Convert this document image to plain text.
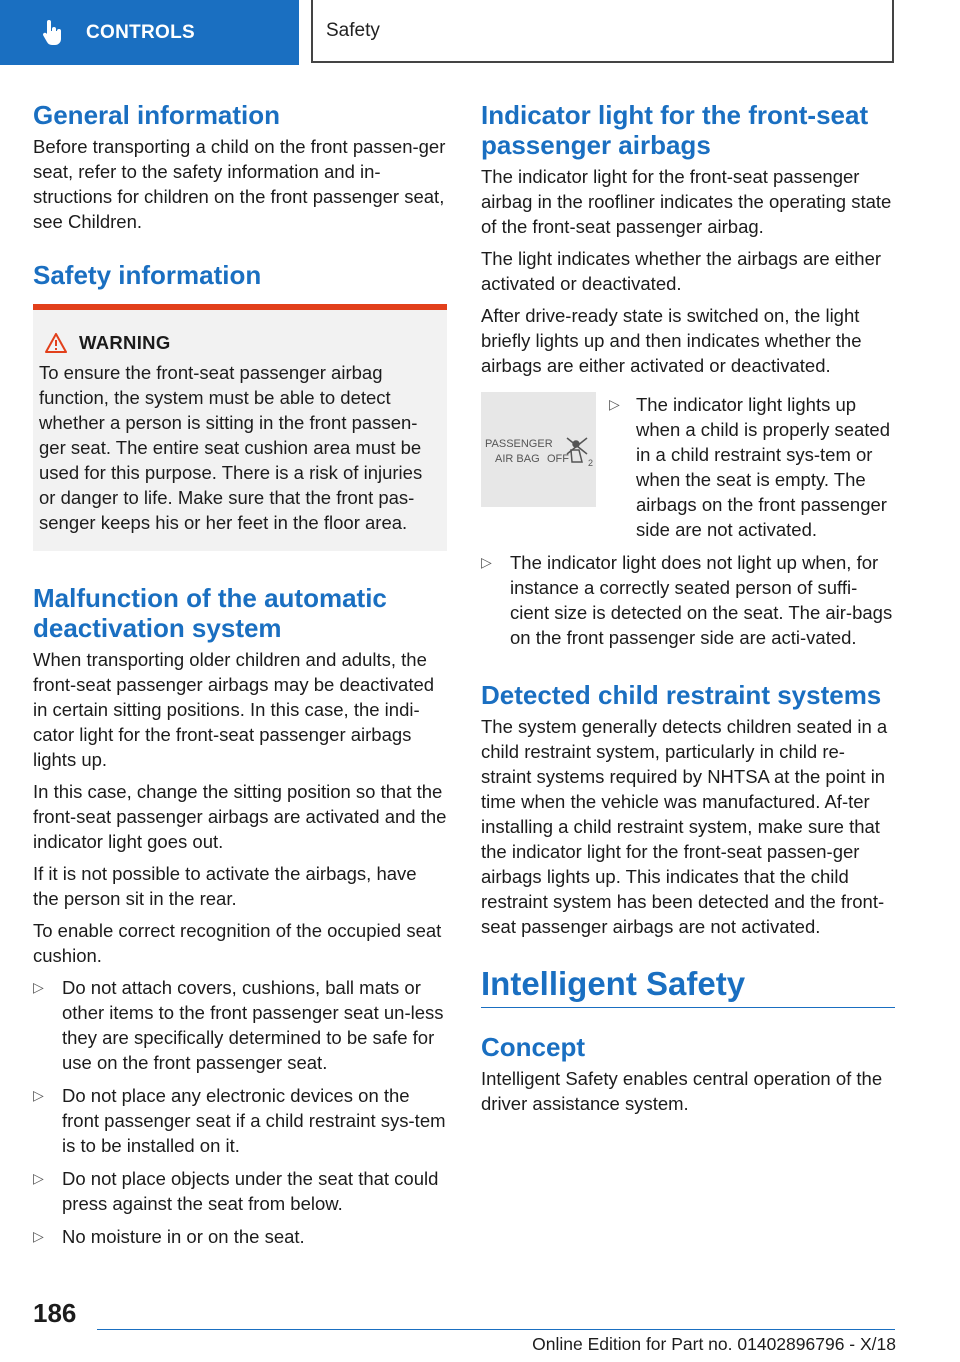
CONTROLS	Safety
General information

Before transporting a child on the front passen-ger seat, refer to the safety information and in-structions for children on the front passenger seat, see Children.

Safety information
WARNING

To ensure the front-seat passenger airbag function, the system must be able to detect whether a person is sitting in the front passen-ger seat. The entire seat cushion area must be used for this purpose. There is a risk of injuries or danger to life. Make sure that the front pas-senger keeps his or her feet in the floor area.

Malfunction of the automatic deactivation system

When transporting older children and adults, the front-seat passenger airbags may be deactivated in certain sitting positions. In this case, the indi-cator light for the front-seat passenger airbags lights up.

In this case, change the sitting position so that the front-seat passenger airbags are activated and the indicator light goes out.

If it is not possible to activate the airbags, have the person sit in the rear.

To enable correct recognition of the occupied seat cushion.

▷ Do not attach covers, cushions, ball mats or other items to the front passenger seat un-less they are specifically determined to be safe for use on the front passenger seat.
▷ Do not place any electronic devices on the front passenger seat if a child restraint sys-tem is to be installed on it.
▷ Do not place objects under the seat that could press against the seat from below.
▷ No moisture in or on the seat.
Indicator light for the front-seat passenger airbags

The indicator light for the front-seat passenger airbag in the roofliner indicates the operating state of the front-seat passenger airbag.

The light indicates whether the airbags are either activated or deactivated.

After drive-ready state is switched on, the light briefly lights up and then indicates whether the airbags are either activated or deactivated.

PASSENGER
AIR BAG OFF 2
▷ The indicator light lights up when a child is properly seated in a child restraint sys-tem or when the seat is empty. The airbags on the front passenger side are not activated.
▷ The indicator light does not light up when, for instance a correctly seated person of suffi-cient size is detected on the seat. The air-bags on the front passenger side are acti-vated.
Detected child restraint systems

The system generally detects children seated in a child restraint system, particularly in child re-straint systems required by NHTSA at the point in time when the vehicle was manufactured. Af-ter installing a child restraint system, make sure that the indicator light for the front-seat passen-ger airbags lights up. This indicates that the child restraint system has been detected and the front-seat passenger airbags are not activated.

Intelligent Safety
Concept

Intelligent Safety enables central operation of the driver assistance system.

186
Online Edition for Part no. 01402896796 - X/18
